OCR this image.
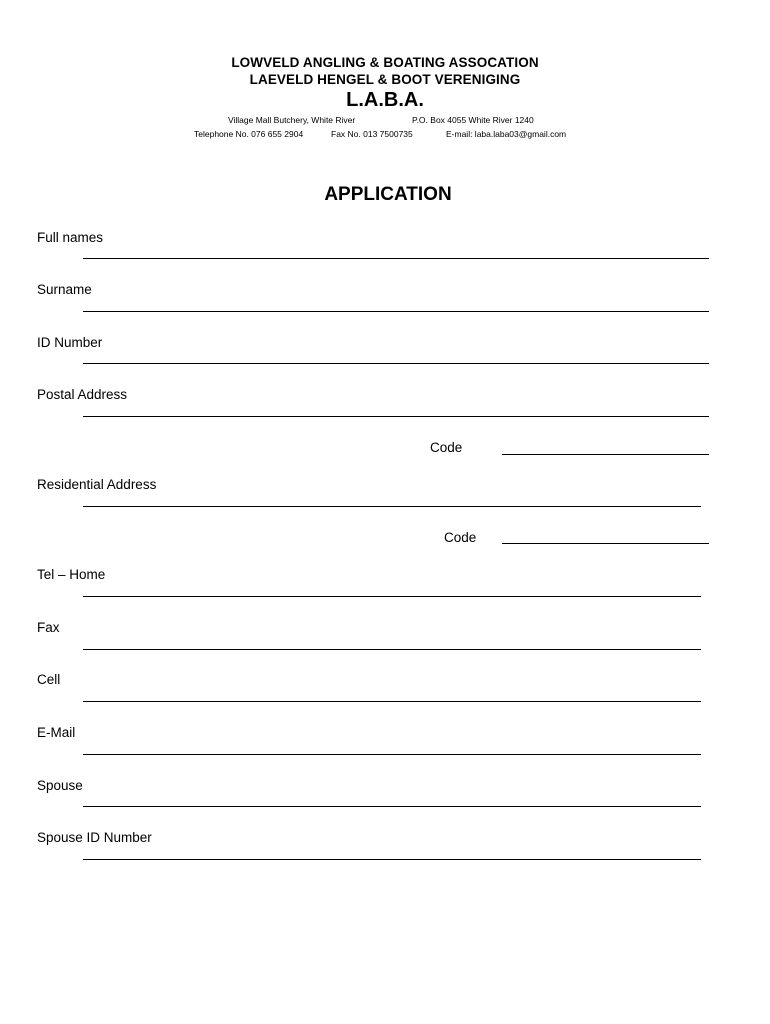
LOWVELD ANGLING & BOATING ASSOCATION
LAEVELD HENGEL & BOOT VERENIGING
L.A.B.A.
Village Mall Butchery, White River	P.O. Box 4055 White River 1240
Telephone No. 076 655 2904	Fax No. 013 7500735	E-mail: laba.laba03@gmail.com
APPLICATION
Full names
Surname
ID Number
Postal Address
Code
Residential Address
Code
Tel – Home
Fax
Cell
E-Mail
Spouse
Spouse ID Number
